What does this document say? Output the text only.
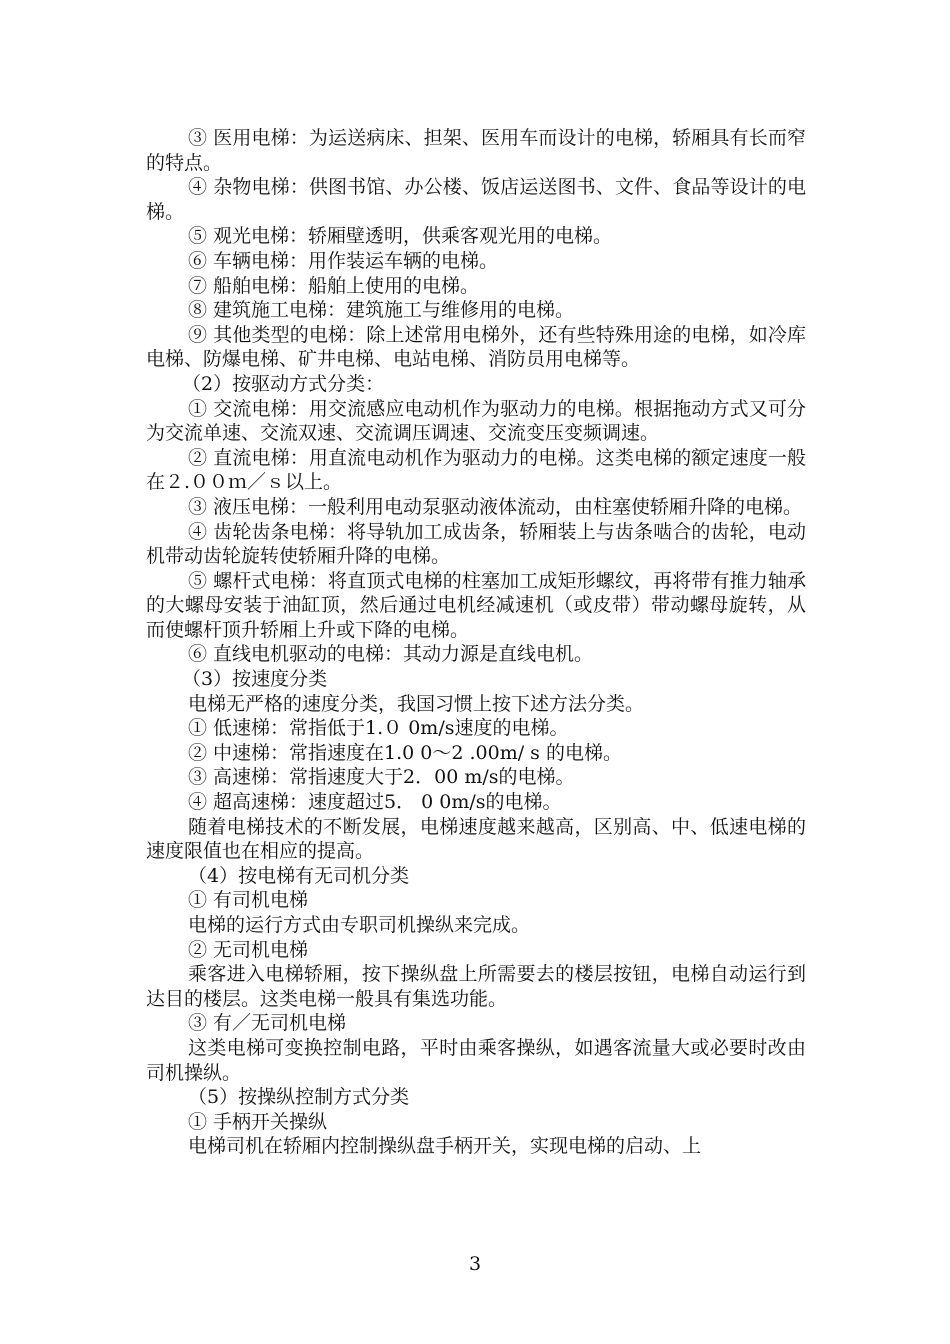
③ 医用电梯：为运送病床、担架、医用车而设计的电梯，轿厢具有长而窄的特点。

④ 杂物电梯：供图书馆、办公楼、饭店运送图书、文件、食品等设计的电梯。

⑤ 观光电梯：轿厢壁透明，供乘客观光用的电梯。

⑥ 车辆电梯：用作装运车辆的电梯。

⑦ 船舶电梯：船舶上使用的电梯。

⑧ 建筑施工电梯：建筑施工与维修用的电梯。

⑨ 其他类型的电梯：除上述常用电梯外，还有些特殊用途的电梯，如冷库电梯、防爆电梯、矿井电梯、电站电梯、消防员用电梯等。

（2）按驱动方式分类：

① 交流电梯：用交流感应电动机作为驱动力的电梯。根据拖动方式又可分为交流单速、交流双速、交流调压调速、交流变压变频调速。

② 直流电梯：用直流电动机作为驱动力的电梯。这类电梯的额定速度一般在２.００ｍ／ｓ以上。

③ 液压电梯：一般利用电动泵驱动液体流动，由柱塞使轿厢升降的电梯。

④ 齿轮齿条电梯：将导轨加工成齿条，轿厢装上与齿条啮合的齿轮，电动机带动齿轮旋转使轿厢升降的电梯。

⑤ 螺杆式电梯：将直顶式电梯的柱塞加工成矩形螺纹，再将带有推力轴承的大螺母安装于油缸顶，然后通过电机经减速机（或皮带）带动螺母旋转，从而使螺杆顶升轿厢上升或下降的电梯。

⑥ 直线电机驱动的电梯：其动力源是直线电机。

（3）按速度分类

电梯无严格的速度分类，我国习惯上按下述方法分类。

① 低速梯：常指低于1.０ 0m/s速度的电梯。

② 中速梯：常指速度在1.0 0～2 .00m/ s 的电梯。

③ 高速梯：常指速度大于2．00 m/s的电梯。

④ 超高速梯：速度超过5． 0 0m/s的电梯。

随着电梯技术的不断发展，电梯速度越来越高，区别高、中、低速电梯的速度限值也在相应的提高。

（4）按电梯有无司机分类

① 有司机电梯

电梯的运行方式由专职司机操纵来完成。

② 无司机电梯

乘客进入电梯轿厢，按下操纵盘上所需要去的楼层按钮，电梯自动运行到达目的楼层。这类电梯一般具有集选功能。

③ 有／无司机电梯

这类电梯可变换控制电路，平时由乘客操纵，如遇客流量大或必要时改由司机操纵。

（5）按操纵控制方式分类

① 手柄开关操纵

电梯司机在轿厢内控制操纵盘手柄开关，实现电梯的启动、上

3
